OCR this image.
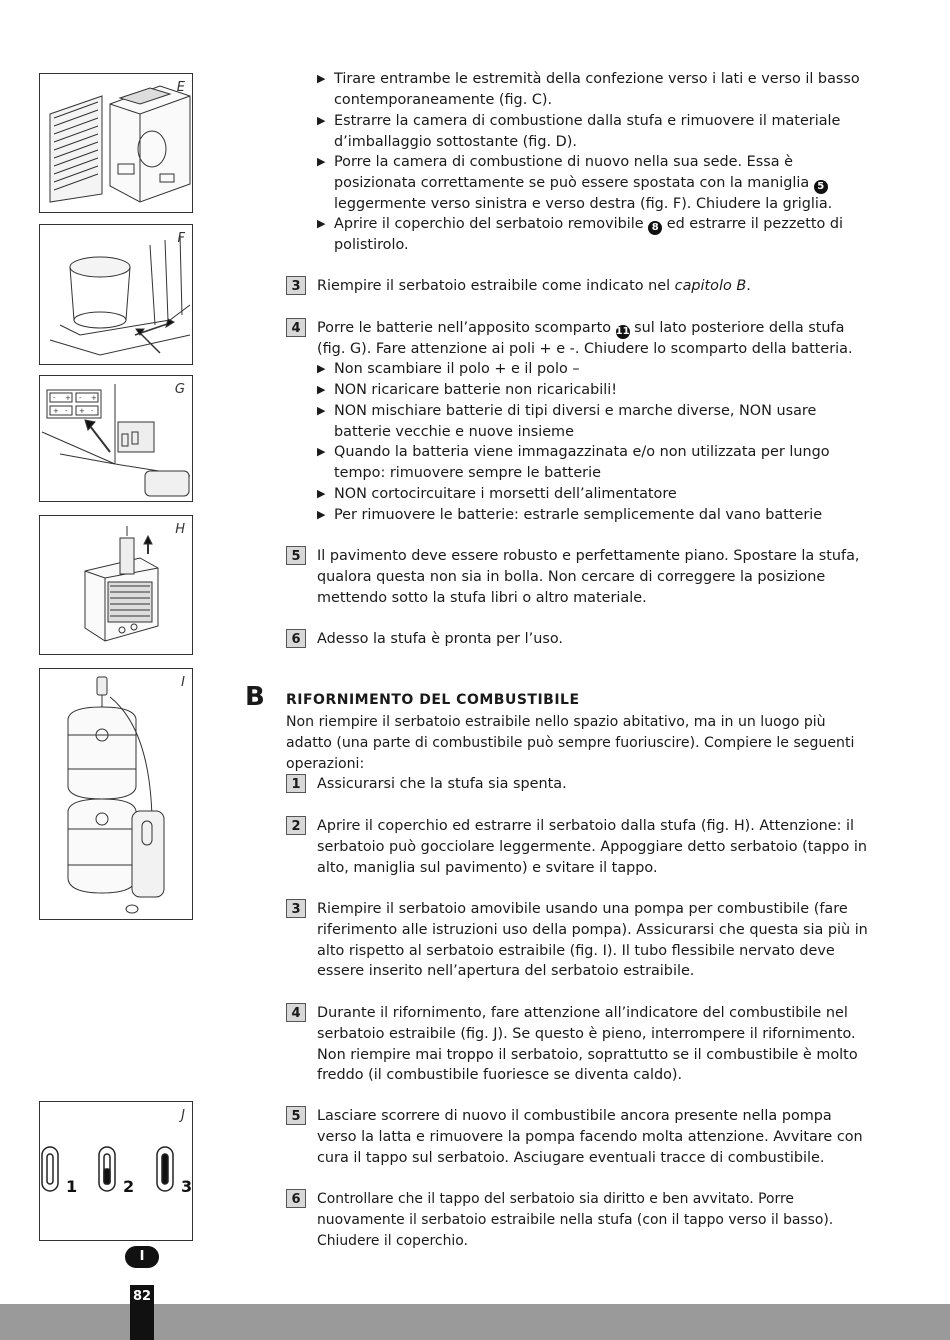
E
F
- + - +
+ - + -
G
H
I
1	2	3
J
▶ Tirare entrambe le estremità della confezione verso i lati e verso il basso contemporaneamente (fig. C).
▶ Estrarre la camera di combustione dalla stufa e rimuovere il materiale d’imballaggio sottostante (fig. D).
▶ Porre la camera di combustione di nuovo nella sua sede. Essa è posizionata correttamente se può essere spostata con la maniglia 5 leggermente verso sinistra e verso destra (fig. F). Chiudere la griglia.
▶ Aprire il coperchio del serbatoio removibile 8 ed estrarre il pezzetto di polistirolo.
3	Riempire il serbatoio estraibile come indicato nel capitolo B.
4	Porre le batterie nell’apposito scomparto 11 sul lato posteriore della stufa (fig. G). Fare attenzione ai poli + e -. Chiudere lo scomparto della batteria.
▶ Non scambiare il polo + e il polo –
▶ NON ricaricare batterie non ricaricabili!
▶ NON mischiare batterie di tipi diversi e marche diverse, NON usare batterie vecchie e nuove insieme
▶ Quando la batteria viene immagazzinata e/o non utilizzata per lungo tempo: rimuovere sempre le batterie
▶ NON cortocircuitare i morsetti dell’alimentatore
▶ Per rimuovere le batterie: estrarle semplicemente dal vano batterie
5	Il pavimento deve essere robusto e perfettamente piano. Spostare la stufa, qualora questa non sia in bolla. Non cercare di correggere la posizione mettendo sotto la stufa libri o altro materiale.
6	Adesso la stufa è pronta per l’uso.
B RIFORNIMENTO DEL COMBUSTIBILE
Non riempire il serbatoio estraibile nello spazio abitativo, ma in un luogo più adatto (una parte di combustibile può sempre fuoriuscire). Compiere le seguenti operazioni:
1	Assicurarsi che la stufa sia spenta.
2	Aprire il coperchio ed estrarre il serbatoio dalla stufa (fig. H). Attenzione: il serbatoio può gocciolare leggermente. Appoggiare detto serbatoio (tappo in alto, maniglia sul pavimento) e svitare il tappo.
3	Riempire il serbatoio amovibile usando una pompa per combustibile (fare riferimento alle istruzioni uso della pompa). Assicurarsi che questa sia più in alto rispetto al serbatoio estraibile (fig. I). Il tubo flessibile nervato deve essere inserito nell’apertura del serbatoio estraibile.
4	Durante il rifornimento, fare attenzione all’indicatore del combustibile nel serbatoio estraibile (fig. J). Se questo è pieno, interrompere il rifornimento. Non riempire mai troppo il serbatoio, soprattutto se il combustibile è molto freddo (il combustibile fuoriesce se diventa caldo).
5	Lasciare scorrere di nuovo il combustibile ancora presente nella pompa verso la latta e rimuovere la pompa facendo molta attenzione. Avvitare con cura il tappo sul serbatoio. Asciugare eventuali tracce di combustibile.
6	Controllare che il tappo del serbatoio sia diritto e ben avvitato. Porre nuovamente il serbatoio estraibile nella stufa (con il tappo verso il basso). Chiudere il coperchio.
I
82
